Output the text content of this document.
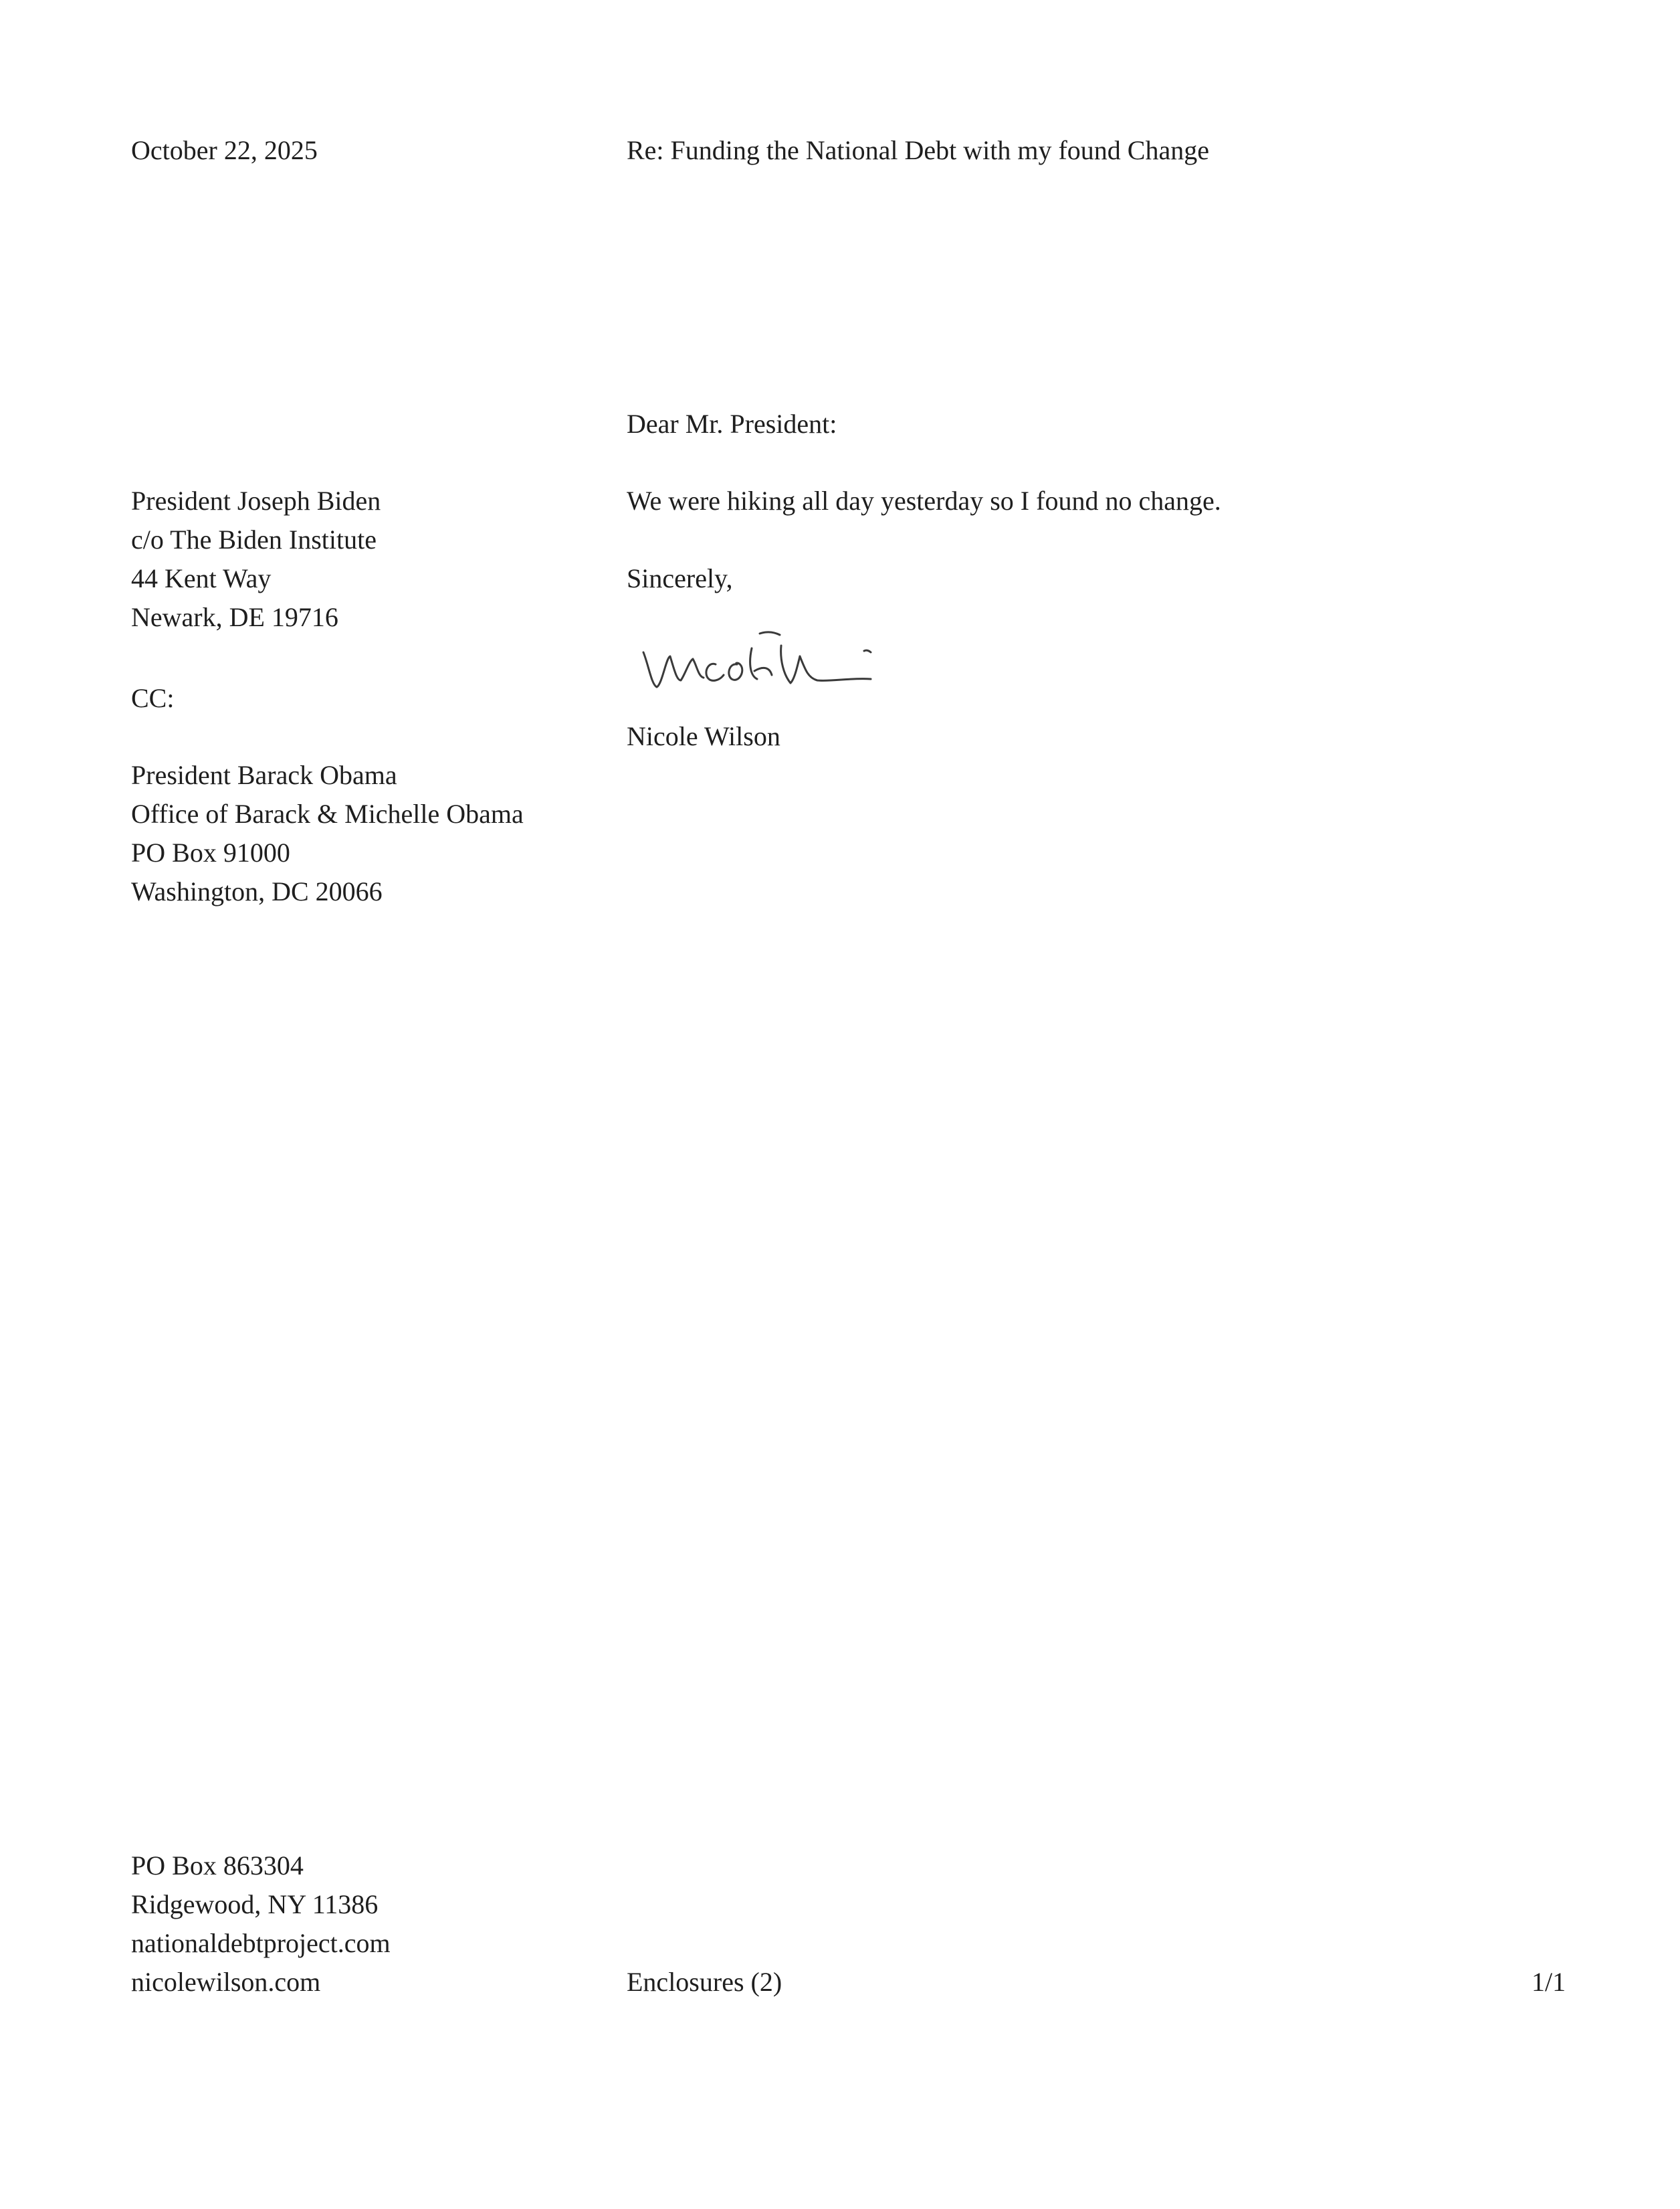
October 22, 2025	Re: Funding the National Debt with my found Change
Dear Mr. President:
President Joseph Biden
c/o The Biden Institute
44 Kent Way
Newark, DE 19716
We were hiking all day yesterday so I found no change.
Sincerely,
Nicole Wilson
CC:
President Barack Obama
Office of Barack & Michelle Obama
PO Box 91000
Washington, DC 20066
PO Box 863304
Ridgewood, NY 11386
nationaldebtproject.com
nicolewilson.com	Enclosures (2)	1/1
